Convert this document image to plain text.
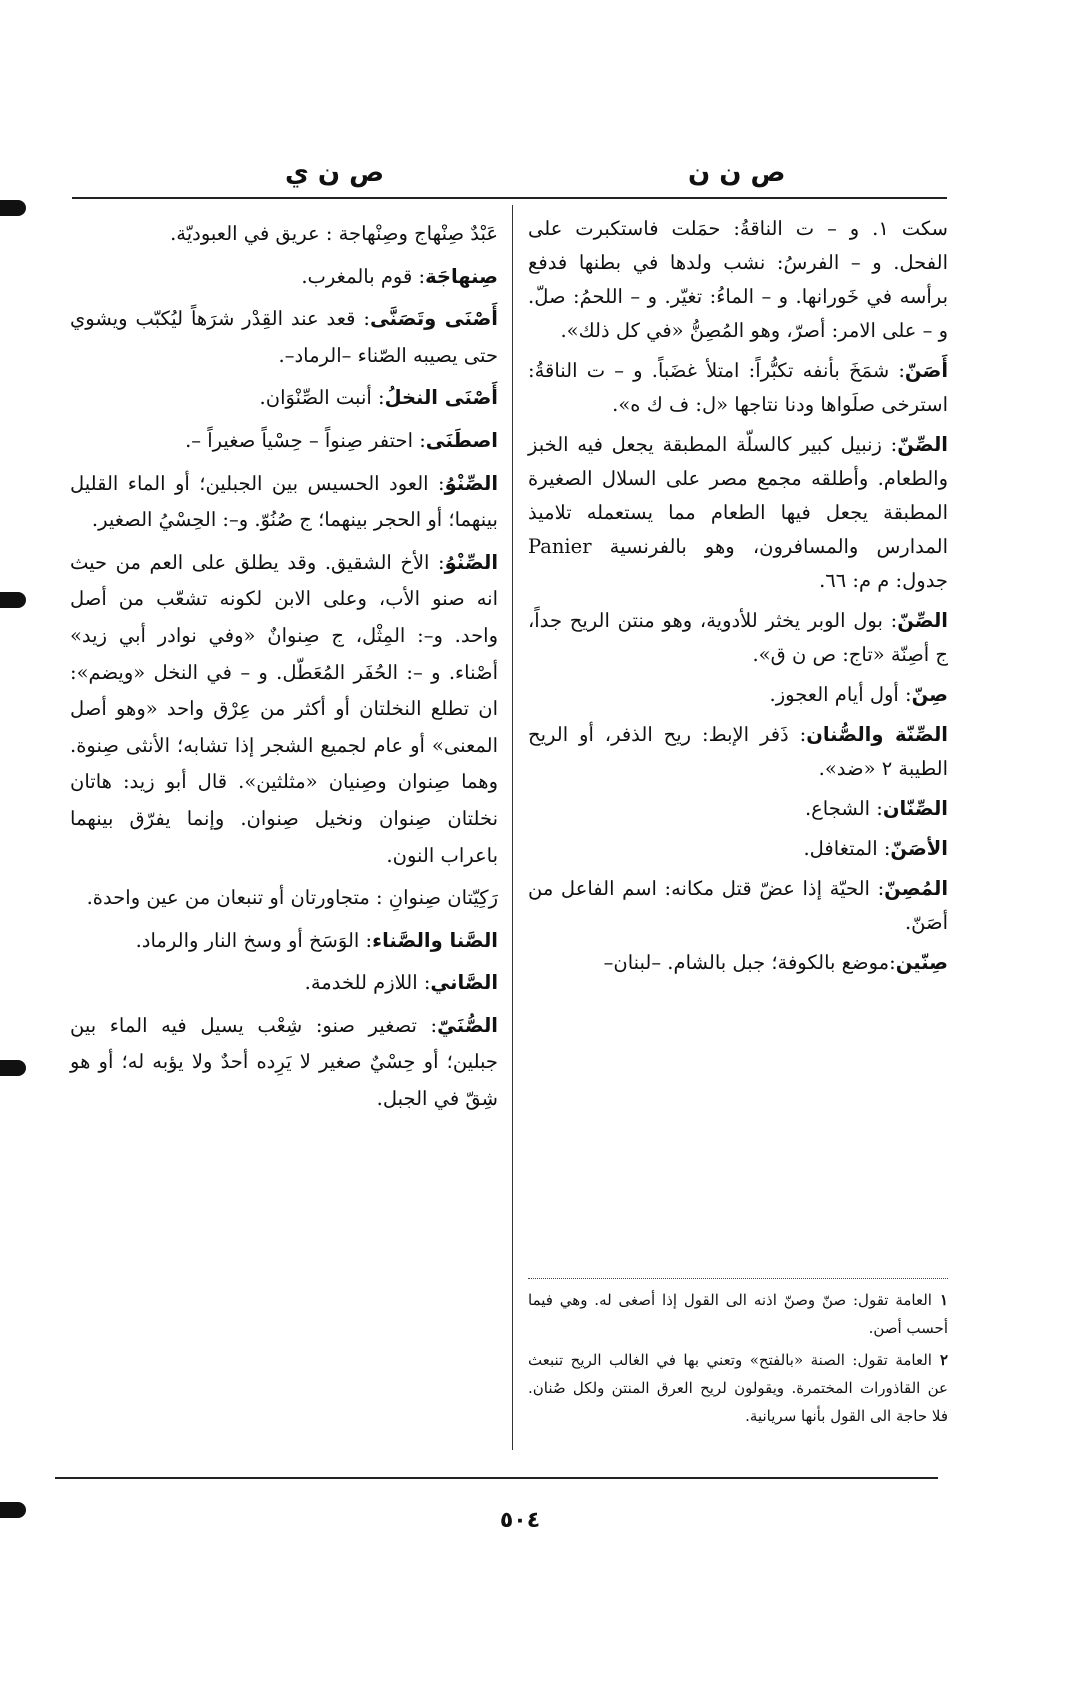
ص ن ي	ص ن ن

سكت ١. و – ت الناقةُ: حمَلت فاستكبرت على الفحل. و – الفرسُ: نشب ولدها في بطنها فدفع برأسه في خَورانها. و – الماءُ: تغيّر. و – اللحمُ: صلّ. و – على الامر: أصرّ، وهو المُصِنُّ «في كل ذلك».

أَصَنّ: شمَخَ بأنفه تكبُّراً: امتلأ غضَباً. و – ت الناقةُ: استرخى صلَواها ودنا نتاجها «ل: ف ك ه».

الصِّنّ: زنبيل كبير كالسلّة المطبقة يجعل فيه الخبز والطعام. وأطلقه مجمع مصر على السلال الصغيرة المطبقة يجعل فيها الطعام مما يستعمله تلاميذ المدارس والمسافرون، وهو بالفرنسية Panier جدول: م م: ٦٦.

الصِّنّ: بول الوبر يخثر للأدوية، وهو منتن الريح جداً، ج أصِنّة «تاج: ص ن ق».

صِنّ: أول أيام العجوز.

الصِّنّة والصُّنان: ذَفر الإبط: ريح الذفر، أو الريح الطيبة ٢ «ضد».

الصِّنّان: الشجاع.

الأصَنّ: المتغافل.

المُصِنّ: الحيّة إذا عضّ قتل مكانه: اسم الفاعل من أصَنّ.

صِنّين:موضع بالكوفة؛ جبل بالشام. –لبنان–

١العامة تقول: صنّ وصنّ اذنه الى القول إذا أصغى له. وهي فيما أحسب أصن.

٢العامة تقول: الصنة «بالفتح» وتعني بها في الغالب الريح تنبعث عن القاذورات المختمرة. ويقولون لريح العرق المنتن ولكل صُنان. فلا حاجة الى القول بأنها سريانية.

عَبْدٌ صِنْهاج وصِنْهاجة : عريق في العبوديّة.

صِنهاجَة: قوم بالمغرب.

أَصْنَى وتَصَنَّى: قعد عند القِدْر شرَهاً ليُكبّب ويشوي حتى يصيبه الصّناء –الرماد–.

أَصْنَى النخلُ: أنبت الصِّنْوَان.

اصطَنَى: احتفر صِنواً – حِسْياً صغيراً –.

الصِّنْوُ: العود الحسيس بين الجبلين؛ أو الماء القليل بينهما؛ أو الحجر بينهما؛ ج صُنُوّ. و–: الحِسْيُ الصغير.

الصِّنْوُ: الأخ الشقيق. وقد يطلق على العم من حيث انه صنو الأب، وعلى الابن لكونه تشعّب من أصل واحد. و–: المِثْل، ج صِنوانٌ «وفي نوادر أبي زيد» أصْناء. و –: الحُفَر المُعَطّل. و – في النخل «ويضم»: ان تطلع النخلتان أو أكثر من عِرْق واحد «وهو أصل المعنى» أو عام لجميع الشجر إذا تشابه؛ الأنثى صِنوة. وهما صِنوان وصِنيان «مثلثين». قال أبو زيد: هاتان نخلتان صِنوان ونخيل صِنوان. وإنما يفرّق بينهما باعراب النون.

رَكِيّتان صِنوانِ : متجاورتان أو تنبعان من عين واحدة.

الصَّنا والصَّناء: الوَسَخ أو وسخ النار والرماد.

الصَّاني: اللازم للخدمة.

الصُّنَيّ: تصغير صنو: شِعْب يسيل فيه الماء بين جبلين؛ أو حِسْيٌ صغير لا يَرِده أحدٌ ولا يؤبه له؛ أو هو شِقّ في الجبل.

٥٠٤
